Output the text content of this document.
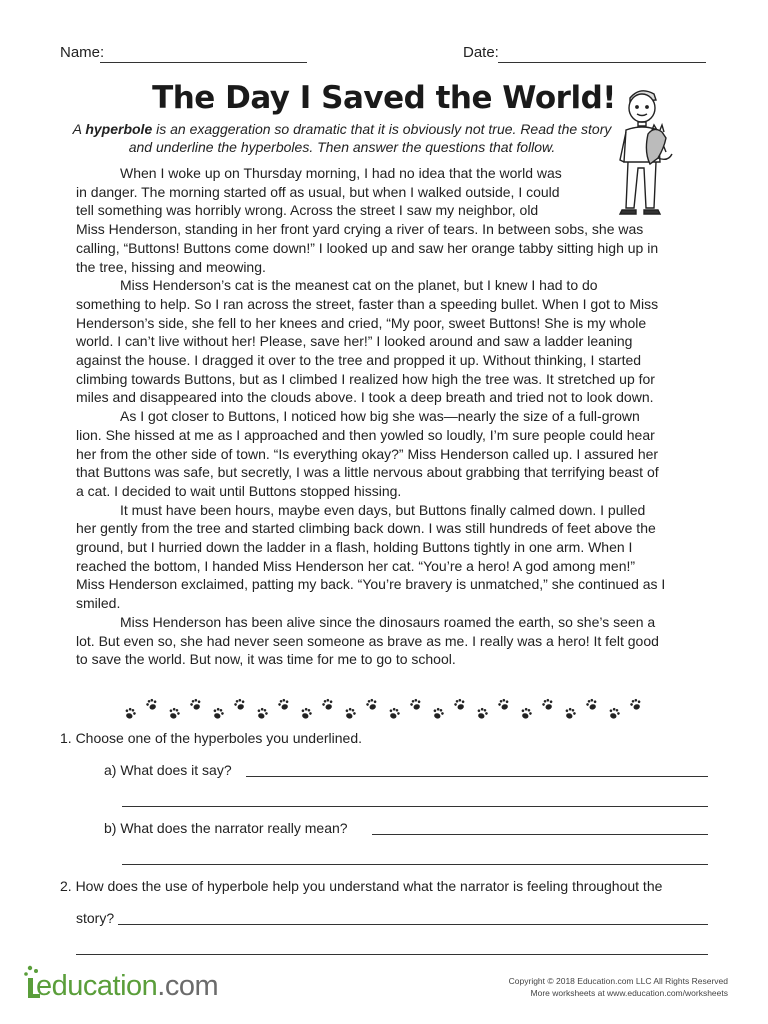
Name:	Date:
The Day I Saved the World!
A hyperbole is an exaggeration so dramatic that it is obviously not true. Read the story and underline the hyperboles. Then answer the questions that follow.

When I woke up on Thursday morning, I had no idea that the world was

in danger. The morning started off as usual, but when I walked outside, I could
tell something was horribly wrong. Across the street I saw my neighbor, old
Miss Henderson, standing in her front yard crying a river of tears. In between sobs, she was calling, “Buttons! Buttons come down!” I looked up and saw her orange tabby sitting high up in the tree, hissing and meowing.

Miss Henderson’s cat is the meanest cat on the planet, but I knew I had to do something to help. So I ran across the street, faster than a speeding bullet. When I got to Miss Henderson’s side, she fell to her knees and cried, “My poor, sweet Buttons! She is my whole world. I can’t live without her! Please, save her!” I looked around and saw a ladder leaning against the house. I dragged it over to the tree and propped it up. Without thinking, I started climbing towards Buttons, but as I climbed I realized how high the tree was. It stretched up for miles and disappeared into the clouds above. I took a deep breath and tried not to look down.

As I got closer to Buttons, I noticed how big she was—nearly the size of a full-grown lion. She hissed at me as I approached and then yowled so loudly, I’m sure people could hear her from the other side of town. “Is everything okay?” Miss Henderson called up. I assured her that Buttons was safe, but secretly, I was a little nervous about grabbing that terrifying beast of a cat. I decided to wait until Buttons stopped hissing.

It must have been hours, maybe even days, but Buttons finally calmed down. I pulled her gently from the tree and started climbing back down. I was still hundreds of feet above the ground, but I hurried down the ladder in a flash, holding Buttons tightly in one arm. When I reached the bottom, I handed Miss Henderson her cat. “You’re a hero! A god among men!” Miss Henderson exclaimed, patting my back. “You’re bravery is unmatched,” she continued as I smiled.

Miss Henderson has been alive since the dinosaurs roamed the earth, so she’s seen a lot. But even so, she had never seen someone as brave as me. I really was a hero! It felt good to save the world. But now, it was time for me to go to school.

1. Choose one of the hyperboles you underlined.
a) What does it say?
b) What does the narrator really mean?
2. How does the use of hyperbole help you understand what the narrator is feeling throughout the
story?
education.com	Copyright © 2018 Education.com LLC All Rights Reserved
More worksheets at www.education.com/worksheets
